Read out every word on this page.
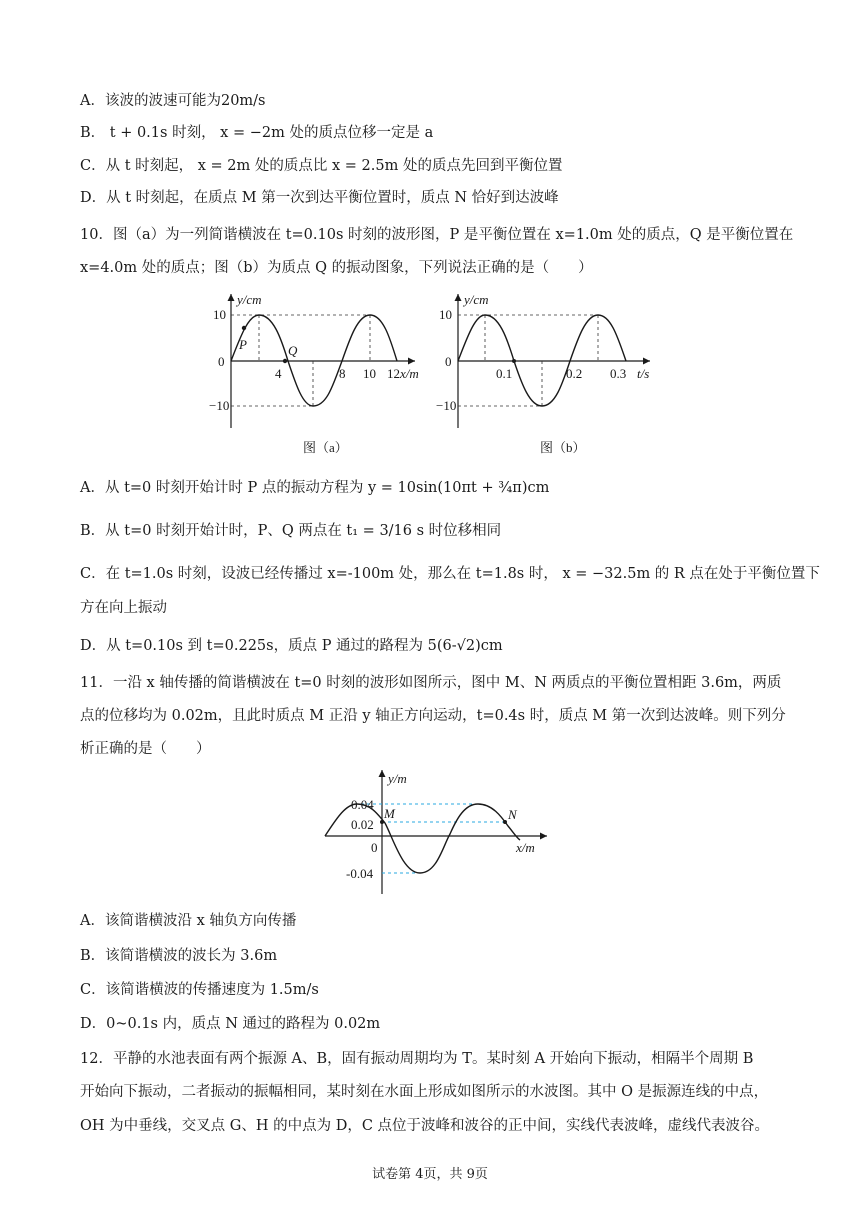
A．该波的波速可能为20m/s
B． t + 0.1s 时刻， x = −2m 处的质点位移一定是 a
C．从 t 时刻起， x = 2m 处的质点比 x = 2.5m 处的质点先回到平衡位置
D．从 t 时刻起，在质点 M 第一次到达平衡位置时，质点 N 恰好到达波峰
10．图（a）为一列简谐横波在 t=0.10s 时刻的波形图，P 是平衡位置在 x=1.0m 处的质点，Q 是平衡位置在
x=4.0m 处的质点；图（b）为质点 Q 的振动图象，下列说法正确的是（　　）
y/cm
x/m
10
0
−10
4	8 10 12
P	Q
图（a）
y/cm
t/s
10
0
−10
0.1	0.2 0.3
图（b）
A．从 t=0 时刻开始计时 P 点的振动方程为 y = 10sin(10πt + ¾π)cm
B．从 t=0 时刻开始计时，P、Q 两点在 t₁ = 3/16 s 时位移相同
C．在 t=1.0s 时刻，设波已经传播过 x=-100m 处，那么在 t=1.8s 时， x = −32.5m 的 R 点在处于平衡位置下
方在向上振动
D．从 t=0.10s 到 t=0.225s，质点 P 通过的路程为 5(6-√2)cm
11．一沿 x 轴传播的简谐横波在 t=0 时刻的波形如图所示，图中 M、N 两质点的平衡位置相距 3.6m，两质
点的位移均为 0.02m，且此时质点 M 正沿 y 轴正方向运动，t=0.4s 时，质点 M 第一次到达波峰。则下列分
析正确的是（　　）
y/m
x/m
0.04
0.02
0
-0.04
M	N
A．该简谐横波沿 x 轴负方向传播
B．该简谐横波的波长为 3.6m
C．该简谐横波的传播速度为 1.5m/s
D．0~0.1s 内，质点 N 通过的路程为 0.02m
12．平静的水池表面有两个振源 A、B，固有振动周期均为 T。某时刻 A 开始向下振动，相隔半个周期 B
开始向下振动，二者振动的振幅相同，某时刻在水面上形成如图所示的水波图。其中 O 是振源连线的中点，
OH 为中垂线，交叉点 G、H 的中点为 D，C 点位于波峰和波谷的正中间，实线代表波峰，虚线代表波谷。
试卷第 4页，共 9页
